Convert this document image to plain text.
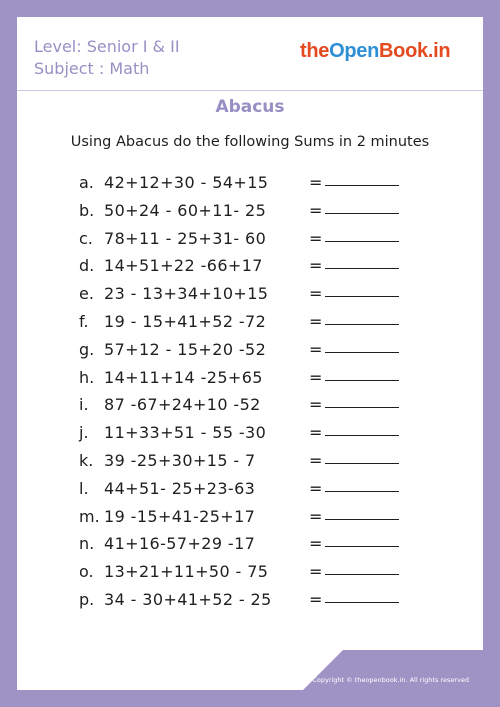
Level: Senior I & II
Subject : Math
theOpenBook.in
Abacus
Using Abacus do the following Sums in 2 minutes
a. 42+12+30 - 54+15	=
b. 50+24 - 60+11- 25	=
c. 78+11 - 25+31- 60	=
d. 14+51+22 -66+17	=
e. 23 - 13+34+10+15	=
f. 19 - 15+41+52 -72	=
g. 57+12 - 15+20 -52	=
h. 14+11+14 -25+65	=
i. 87 -67+24+10 -52	=
j. 11+33+51 - 55 -30	=
k. 39 -25+30+15 - 7	=
l. 44+51- 25+23-63	=
m. 19 -15+41-25+17	=
n. 41+16-57+29 -17	=
o. 13+21+11+50 - 75	=
p. 34 - 30+41+52 - 25 =
Copyright © theopenbook.in. All rights reserved
